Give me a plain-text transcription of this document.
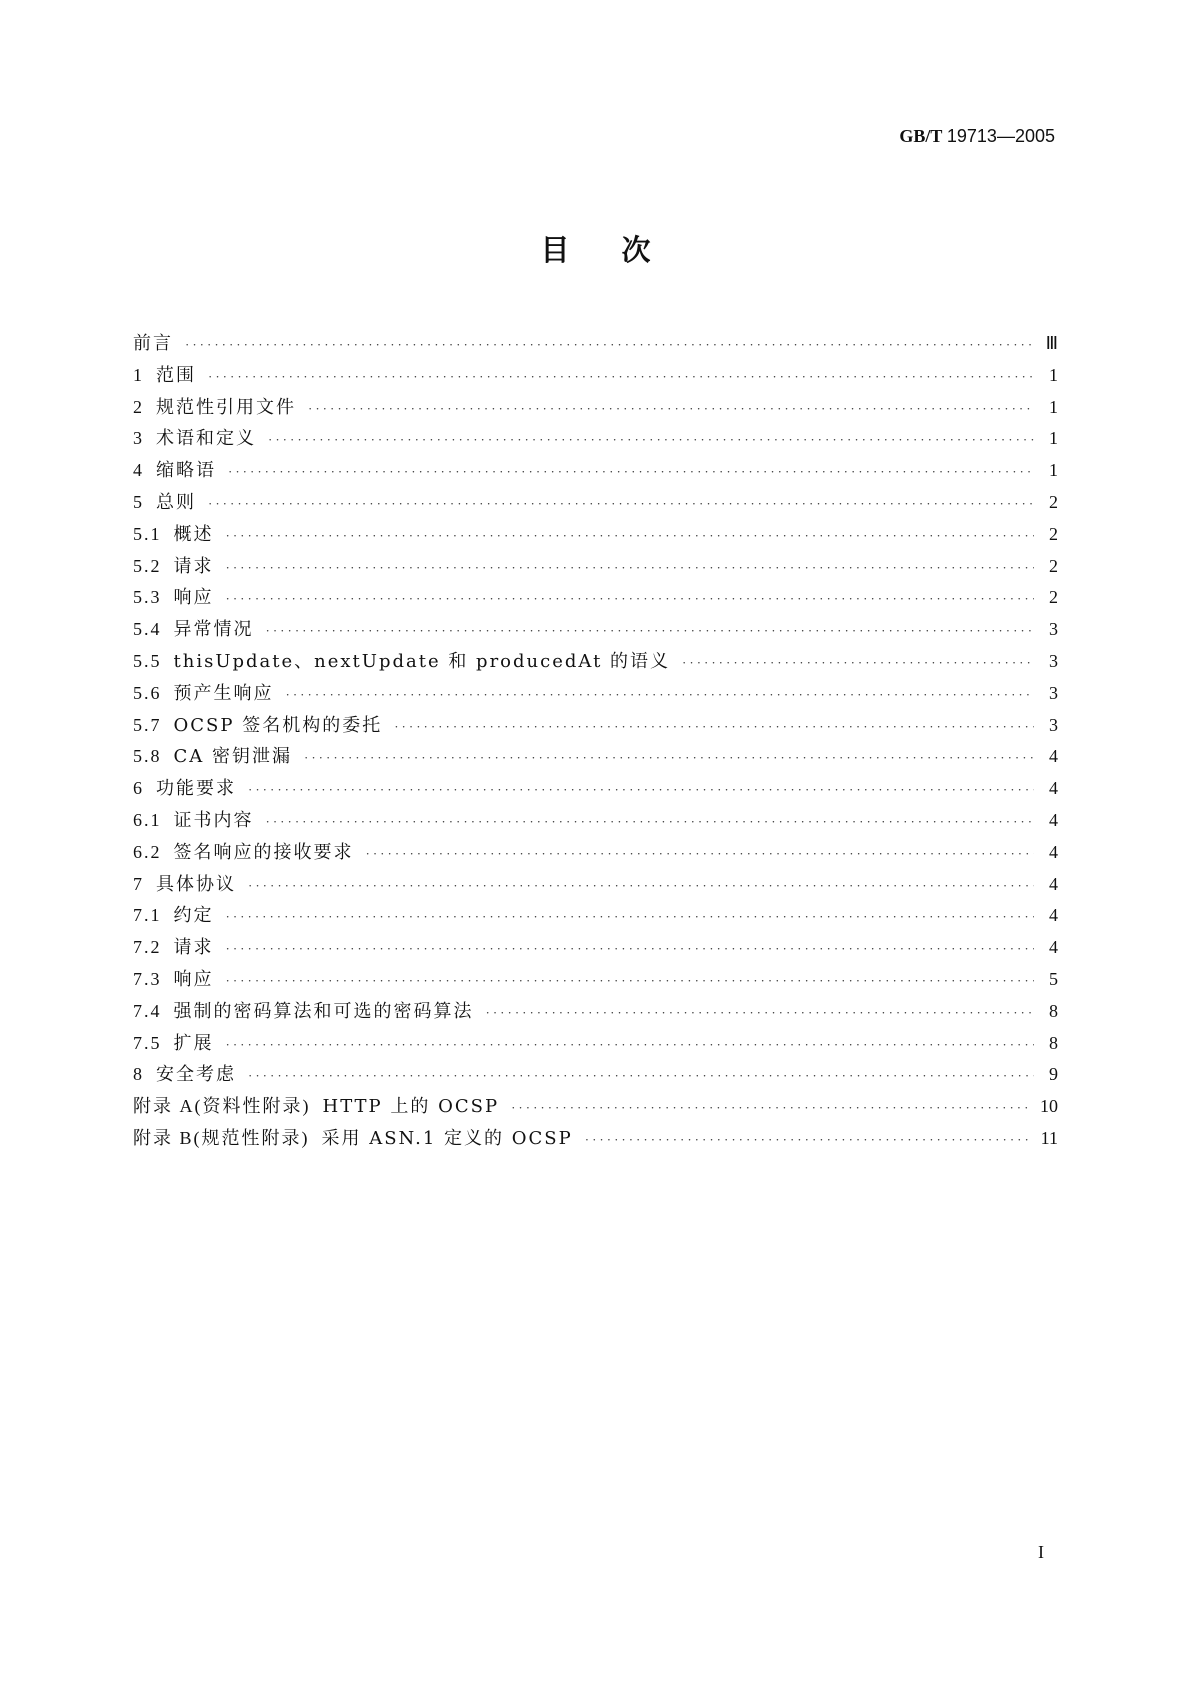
GB/T 19713—2005
目次
前言 ·····	Ⅲ
1 范围 ·····	1
2 规范性引用文件 ·····	1
3 术语和定义 ·····	1
4 缩略语 ·····	1
5 总则 ·····	2
5.1 概述 ·····	2
5.2 请求 ·····	2
5.3 响应 ·····	2
5.4 异常情况 ·····	3
5.5 thisUpdate、nextUpdate 和 producedAt 的语义 ·····	3
5.6 预产生响应 ·····	3
5.7 OCSP 签名机构的委托 ·····	3
5.8 CA 密钥泄漏 ·····	4
6 功能要求 ·····	4
6.1 证书内容 ·····	4
6.2 签名响应的接收要求 ·····	4
7 具体协议 ·····	4
7.1 约定 ·····	4
7.2 请求 ·····	4
7.3 响应 ·····	5
7.4 强制的密码算法和可选的密码算法 ·····	8
7.5 扩展 ·····	8
8 安全考虑 ·····	9
附录 A(资料性附录) HTTP 上的 OCSP ·····	10
附录 B(规范性附录) 采用 ASN.1 定义的 OCSP ·····	11
I
